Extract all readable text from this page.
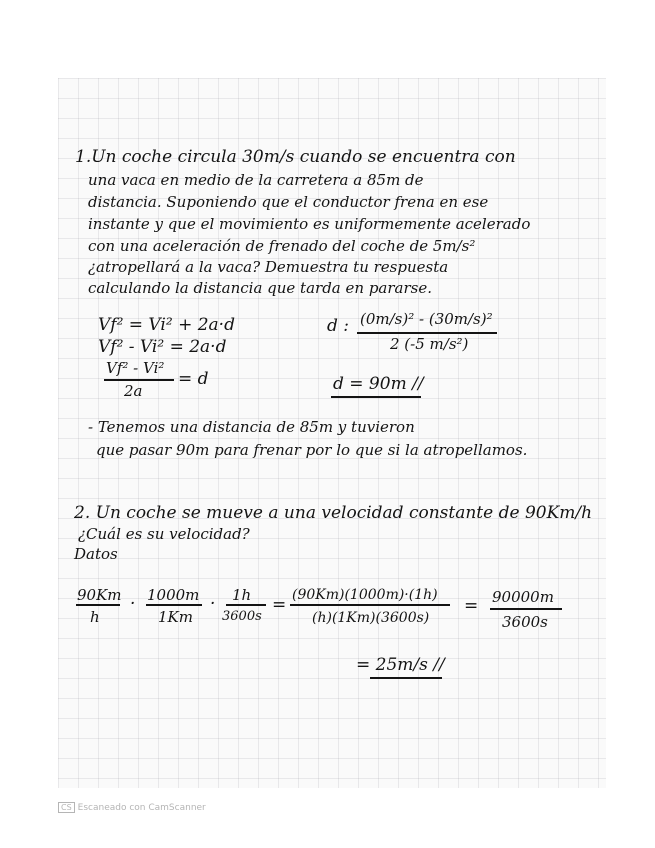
1.Un coche circula 30m/s cuando se encuentra con
una vaca en medio de la carretera a 85m de
distancia. Suponiendo que el conductor frena en ese
instante y que el movimiento es uniformemente acelerado
con una aceleración de frenado del coche de 5m/s²
¿atropellará a la vaca? Demuestra tu respuesta
calculando la distancia que tarda en pararse.
Vf² = Vi² + 2a·d
Vf² - Vi² = 2a·d
Vf² - Vi²
2a
= d
d : (0m/s)² - (30m/s)²
2 (-5 m/s²)
d = 90m //
- Tenemos una distancia de 85m y tuvieron
que pasar 90m para frenar por lo que si la atropellamos.
2. Un coche se mueve a una velocidad constante de 90Km/h
¿Cuál es su velocidad?
Datos
90Km
h
· 1000m
1Km
· 1h
3600s
= (90Km)(1000m)·(1h)
(h)(1Km)(3600s)
= 90000m
3600s
= 25m/s //
CS Escaneado con CamScanner
